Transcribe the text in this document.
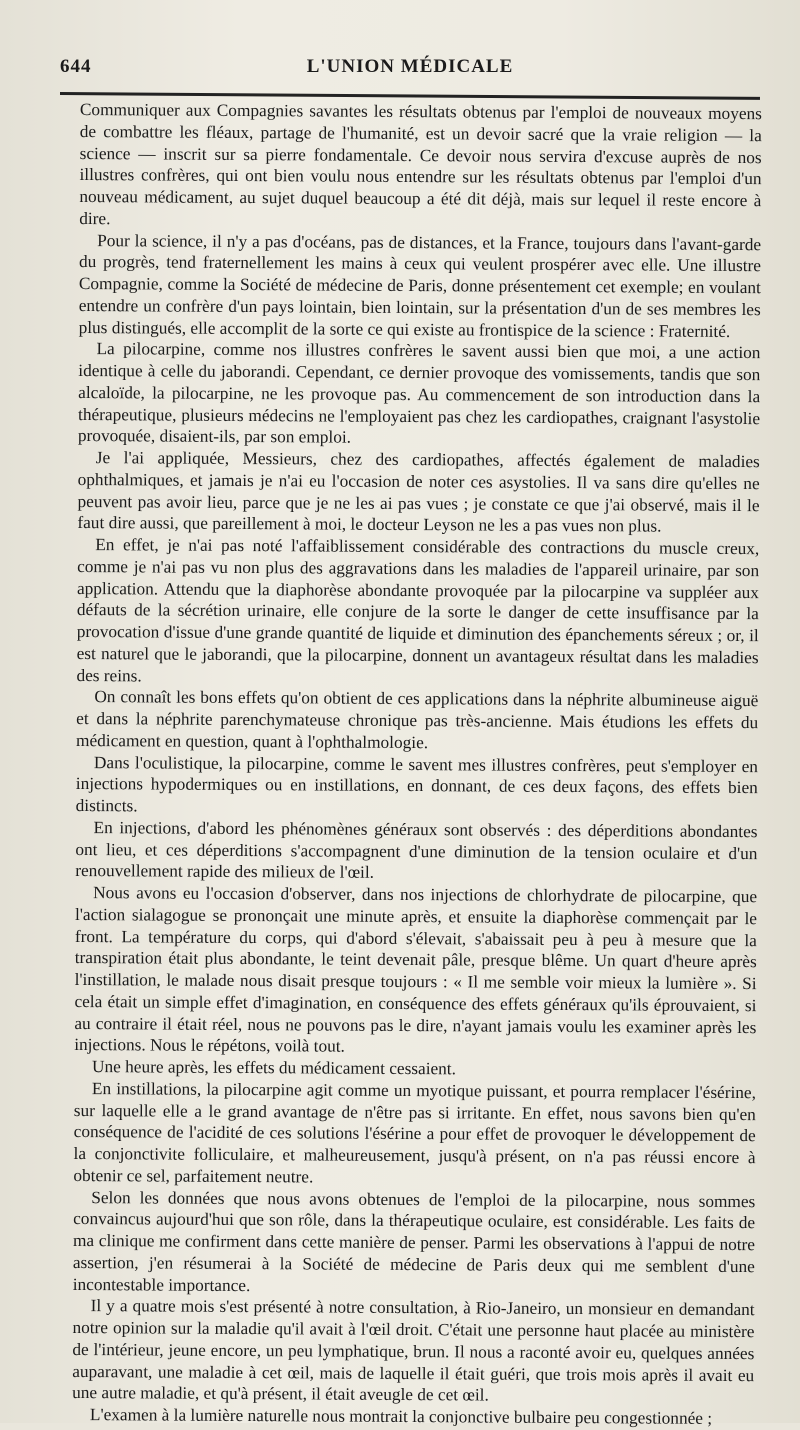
644	L'UNION MÉDICALE

Communiquer aux Compagnies savantes les résultats obtenus par l'emploi de nouveaux moyens de combattre les fléaux, partage de l'humanité, est un devoir sacré que la vraie religion — la science — inscrit sur sa pierre fondamentale. Ce devoir nous servira d'excuse auprès de nos illustres confrères, qui ont bien voulu nous entendre sur les résultats obtenus par l'emploi d'un nouveau médicament, au sujet duquel beaucoup a été dit déjà, mais sur lequel il reste encore à dire.

Pour la science, il n'y a pas d'océans, pas de distances, et la France, toujours dans l'avant-garde du progrès, tend fraternellement les mains à ceux qui veulent prospérer avec elle. Une illustre Compagnie, comme la Société de médecine de Paris, donne présentement cet exemple; en voulant entendre un confrère d'un pays lointain, bien lointain, sur la présentation d'un de ses membres les plus distingués, elle accomplit de la sorte ce qui existe au frontispice de la science : Fraternité.

La pilocarpine, comme nos illustres confrères le savent aussi bien que moi, a une action identique à celle du jaborandi. Cependant, ce dernier provoque des vomissements, tandis que son alcaloïde, la pilocarpine, ne les provoque pas. Au commencement de son introduction dans la thérapeutique, plusieurs médecins ne l'employaient pas chez les cardiopathes, craignant l'asystolie provoquée, disaient-ils, par son emploi.

Je l'ai appliquée, Messieurs, chez des cardiopathes, affectés également de maladies ophthalmiques, et jamais je n'ai eu l'occasion de noter ces asystolies. Il va sans dire qu'elles ne peuvent pas avoir lieu, parce que je ne les ai pas vues ; je constate ce que j'ai observé, mais il le faut dire aussi, que pareillement à moi, le docteur Leyson ne les a pas vues non plus.

En effet, je n'ai pas noté l'affaiblissement considérable des contractions du muscle creux, comme je n'ai pas vu non plus des aggravations dans les maladies de l'appareil urinaire, par son application. Attendu que la diaphorèse abondante provoquée par la pilocarpine va suppléer aux défauts de la sécrétion urinaire, elle conjure de la sorte le danger de cette insuffisance par la provocation d'issue d'une grande quantité de liquide et diminution des épanchements séreux ; or, il est naturel que le jaborandi, que la pilocarpine, donnent un avantageux résultat dans les maladies des reins.

On connaît les bons effets qu'on obtient de ces applications dans la néphrite albumineuse aiguë et dans la néphrite parenchymateuse chronique pas très-ancienne. Mais étudions les effets du médicament en question, quant à l'ophthalmologie.

Dans l'oculistique, la pilocarpine, comme le savent mes illustres confrères, peut s'employer en injections hypodermiques ou en instillations, en donnant, de ces deux façons, des effets bien distincts.

En injections, d'abord les phénomènes généraux sont observés : des déperditions abondantes ont lieu, et ces déperditions s'accompagnent d'une diminution de la tension oculaire et d'un renouvellement rapide des milieux de l'œil.

Nous avons eu l'occasion d'observer, dans nos injections de chlorhydrate de pilocarpine, que l'action sialagogue se prononçait une minute après, et ensuite la diaphorèse commençait par le front. La température du corps, qui d'abord s'élevait, s'abaissait peu à peu à mesure que la transpiration était plus abondante, le teint devenait pâle, presque blême. Un quart d'heure après l'instillation, le malade nous disait presque toujours : « Il me semble voir mieux la lumière ». Si cela était un simple effet d'imagination, en conséquence des effets généraux qu'ils éprouvaient, si au contraire il était réel, nous ne pouvons pas le dire, n'ayant jamais voulu les examiner après les injections. Nous le répétons, voilà tout.

Une heure après, les effets du médicament cessaient.

En instillations, la pilocarpine agit comme un myotique puissant, et pourra remplacer l'ésérine, sur laquelle elle a le grand avantage de n'être pas si irritante. En effet, nous savons bien qu'en conséquence de l'acidité de ces solutions l'ésérine a pour effet de provoquer le développement de la conjonctivite folliculaire, et malheureusement, jusqu'à présent, on n'a pas réussi encore à obtenir ce sel, parfaitement neutre.

Selon les données que nous avons obtenues de l'emploi de la pilocarpine, nous sommes convaincus aujourd'hui que son rôle, dans la thérapeutique oculaire, est considérable. Les faits de ma clinique me confirment dans cette manière de penser. Parmi les observations à l'appui de notre assertion, j'en résumerai à la Société de médecine de Paris deux qui me semblent d'une incontestable importance.

Il y a quatre mois s'est présenté à notre consultation, à Rio-Janeiro, un monsieur en demandant notre opinion sur la maladie qu'il avait à l'œil droit. C'était une personne haut placée au ministère de l'intérieur, jeune encore, un peu lymphatique, brun. Il nous a raconté avoir eu, quelques années auparavant, une maladie à cet œil, mais de laquelle il était guéri, que trois mois après il avait eu une autre maladie, et qu'à présent, il était aveugle de cet œil.

L'examen à la lumière naturelle nous montrait la conjonctive bulbaire peu congestionnée ;
